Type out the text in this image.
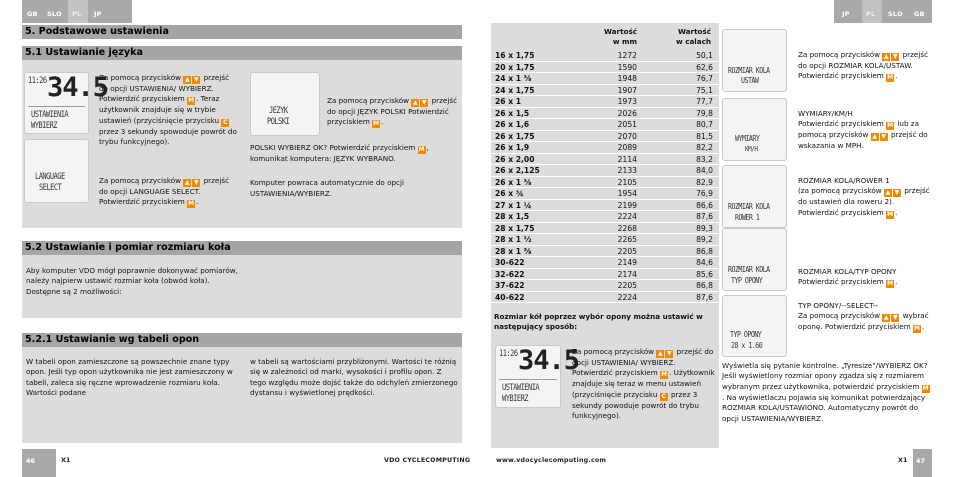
GB SLO PL JP	JP	PL SLO GB
5. Podstawowe ustawienia
5.1 Ustawianie języka
11:26 34.5
USTAWIENIA
WYBIERZ
LANGUAGE
SELECT
JEZYK
POLSKI

Za pomocą przycisków ▲ ▼ przejść do opcji USTAWIENIA/ WYBIERZ. Potwierdzić przyciskiem M . Teraz użytkownik znajduje się w trybie ustawień (przyciśnięcie przycisku C przez 3 sekundy spowoduje powrót do trybu funkcyjnego).

Za pomocą przycisków ▲ ▼ przejść do opcji LANGUAGE SELECT. Potwierdzić przyciskiem M .

Za pomocą przycisków ▲ ▼ przejść do opcji JĘZYK POLSKI Potwierdzić przyciskiem M .

POLSKI WYBIERZ OK? Potwierdzić przyciskiem M , komunikat komputera: JĘZYK WYBRANO.

Komputer powraca automatycznie do opcji USTAWIENIA/WYBIERZ.

5.2 Ustawianie i pomiar rozmiaru koła
Aby komputer VDO mógł poprawnie dokonywać pomiarów, należy najpierw ustawić rozmiar koła (obwód koła). Dostępne są 2 możliwości:
5.2.1 Ustawianie wg tabeli opon
W tabeli opon zamieszczone są powszechnie znane typy opon. Jeśli typ opon użytkownika nie jest zamieszczony w tabeli, zaleca się ręczne wprowadzenie rozmiaru koła. Wartości podane
w tabeli są wartościami przybliżonymi. Wartości te różnią się w zależności od marki, wysokości i profilu opon. Z tego względu może dojść także do odchyleń zmierzonego dystansu i wyświetlonej prędkości.
Wartość
w mm
Wartość
w calach
16 x 1,75	1272	50,1
20 x 1,75	1590	62,6
24 x 1 ⅜	1948	76,7
24 x 1,75	1907	75,1
26 x 1	1973	77,7
26 x 1,5	2026	79,8
26 x 1,6	2051	80,7
26 x 1,75	2070	81,5
26 x 1,9	2089	82,2
26 x 2,00	2114	83,2
26 x 2,125	2133	84,0
26 x 1 ⅜	2105	82,9
26 x ¾	1954	76,9
27 x 1 ¼	2199	86,6
28 x 1,5	2224	87,6
28 x 1,75	2268	89,3
28 x 1 ½	2265	89,2
28 x 1 ⅜	2205	86,8
30-622	2149	84,6
32-622	2174	85,6
37-622	2205	86,8
40-622	2224	87,6
Rozmiar kół poprzez wybór opony można ustawić w następujący sposób:
11:26 34.5
USTAWIENIA
WYBIERZ

Za pomocą przycisków ▲ ▼ przejść do opcji USTAWIENIA/ WYBIERZ. Potwierdzić przyciskiem M . Użytkownik znajduje się teraz w menu ustawień (przyciśnięcie przycisku C przez 3 sekundy powoduje powrót do trybu funkcyjnego).

ROZMIAR KOLA
USTAW
WYMIARY
KM/H
ROZMIAR KOLA
ROWER 1
ROZMIAR KOLA
TYP OPONY
TYP OPONY
28 x 1.60

Za pomocą przycisków ▲ ▼ przejść do opcji ROZMIAR KOLA/USTAW. Potwierdzić przyciskiem M .

WYMIARY/KM/H
Potwierdzić przyciskiem M lub za pomocą przycisków ▲ ▼ przejść do wskazania w MPH.

ROZMIAR KOLA/ROWER 1
(za pomocą przycisków ▲ ▼ przejść do ustawień dla roweru 2). Potwierdzić przyciskiem M .

ROZMIAR KOLA/TYP OPONY
Potwierdzić przyciskiem M .

TYP OPONY/--SELECT--
Za pomocą przycisków ▲ ▼ wybrać oponę. Potwierdzić przyciskiem M .

Wyświetla się pytanie kontrolne. „Tyresize"/WYBIERZ OK? Jeśli wyświetlony rozmiar opony zgadza się z rozmiarem wybranym przez użytkownika, potwierdzić przyciskiem M. Na wyświetlaczu pojawia się komunikat potwierdzający ROZMIAR KOLA/USTAWIONO. Automatyczny powrót do opcji USTAWIENIA/WYBIERZ.

46	X1	VDO CYCLECOMPUTING	www.vdocyclecomputing.com	X1 47
